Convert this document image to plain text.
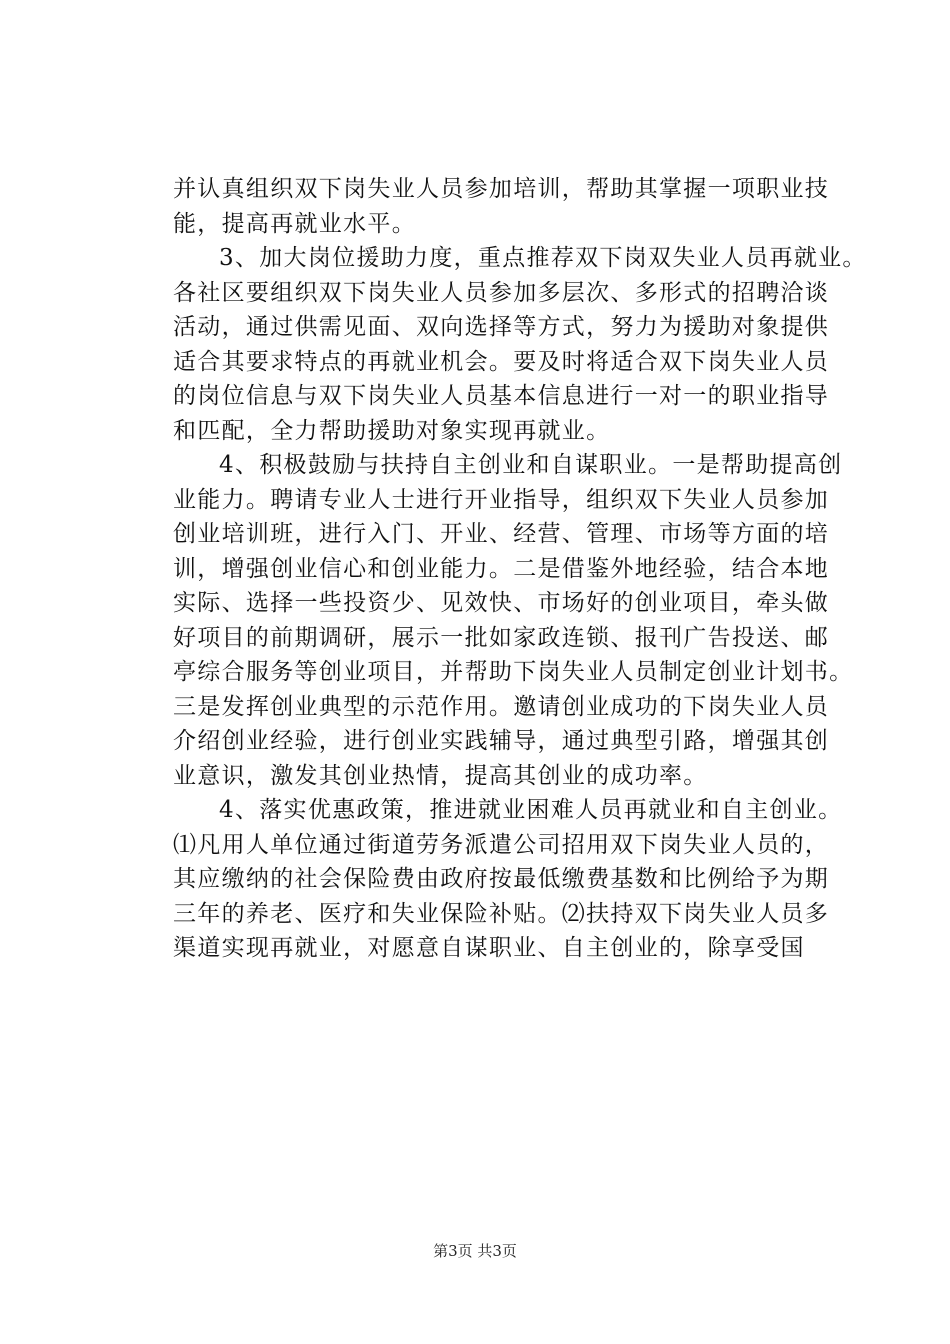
并认真组织双下岗失业人员参加培训，帮助其掌握一项职业技
能，提高再就业水平。
3、加大岗位援助力度，重点推荐双下岗双失业人员再就业。
各社区要组织双下岗失业人员参加多层次、多形式的招聘洽谈
活动，通过供需见面、双向选择等方式，努力为援助对象提供
适合其要求特点的再就业机会。要及时将适合双下岗失业人员
的岗位信息与双下岗失业人员基本信息进行一对一的职业指导
和匹配，全力帮助援助对象实现再就业。
4、积极鼓励与扶持自主创业和自谋职业。一是帮助提高创
业能力。聘请专业人士进行开业指导，组织双下失业人员参加
创业培训班，进行入门、开业、经营、管理、市场等方面的培
训，增强创业信心和创业能力。二是借鉴外地经验，结合本地
实际、选择一些投资少、见效快、市场好的创业项目，牵头做
好项目的前期调研，展示一批如家政连锁、报刊广告投送、邮
亭综合服务等创业项目，并帮助下岗失业人员制定创业计划书。
三是发挥创业典型的示范作用。邀请创业成功的下岗失业人员
介绍创业经验，进行创业实践辅导，通过典型引路，增强其创
业意识，激发其创业热情，提高其创业的成功率。
4、落实优惠政策，推进就业困难人员再就业和自主创业。
⑴凡用人单位通过街道劳务派遣公司招用双下岗失业人员的，
其应缴纳的社会保险费由政府按最低缴费基数和比例给予为期
三年的养老、医疗和失业保险补贴。⑵扶持双下岗失业人员多
渠道实现再就业，对愿意自谋职业、自主创业的，除享受国
第3页 共3页
